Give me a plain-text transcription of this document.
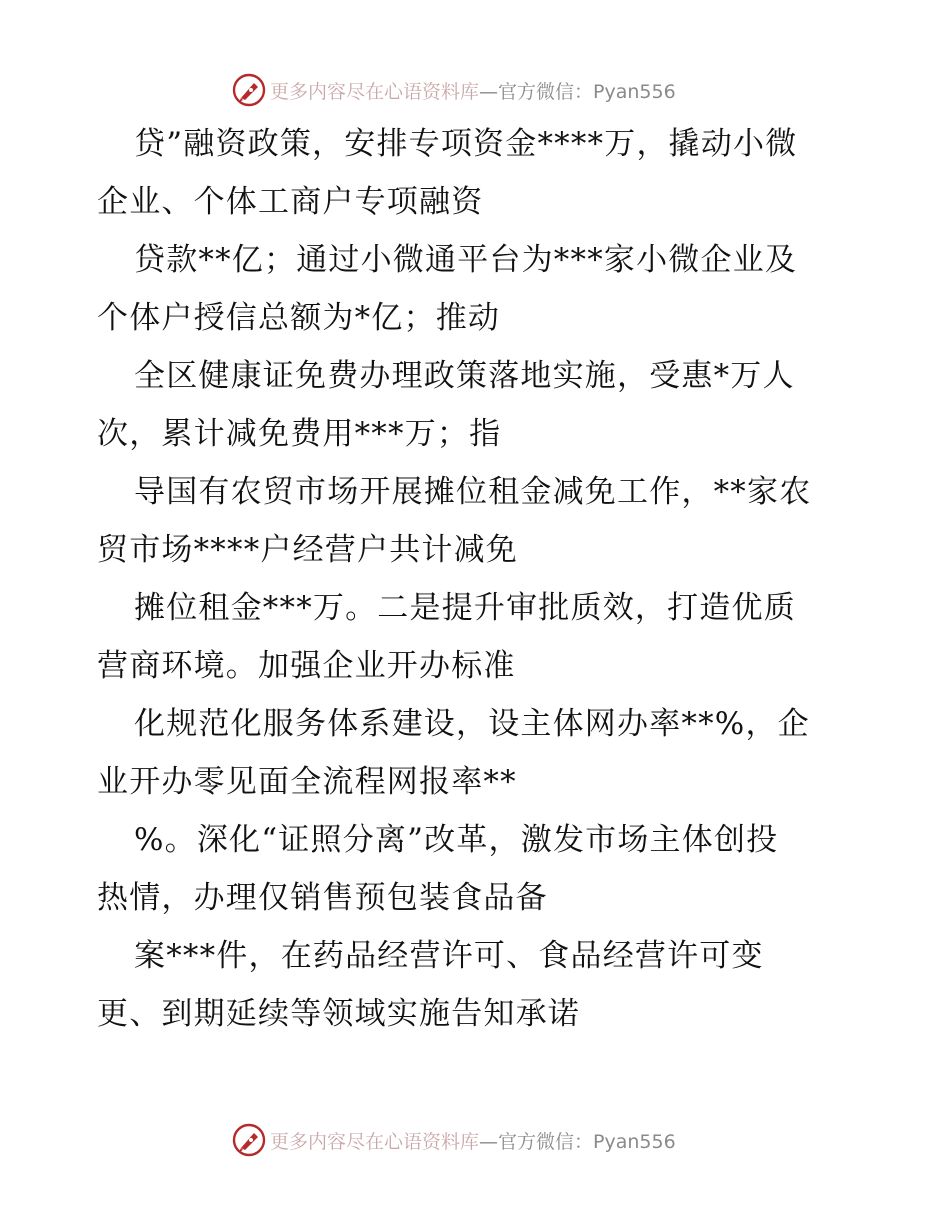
更多内容尽在心语资料库 —官方微信：Pyan556
贷”融资政策，安排专项资金****万，撬动小微
企业、个体工商户专项融资
贷款**亿；通过小微通平台为***家小微企业及
个体户授信总额为*亿；推动
全区健康证免费办理政策落地实施，受惠*万人
次，累计减免费用***万；指
导国有农贸市场开展摊位租金减免工作，**家农
贸市场****户经营户共计减免
摊位租金***万。二是提升审批质效，打造优质
营商环境。加强企业开办标准
化规范化服务体系建设，设主体网办率**%，企
业开办零见面全流程网报率**
%。深化“证照分离”改革，激发市场主体创投
热情，办理仅销售预包装食品备
案***件，在药品经营许可、食品经营许可变
更、到期延续等领域实施告知承诺
更多内容尽在心语资料库 —官方微信：Pyan556
